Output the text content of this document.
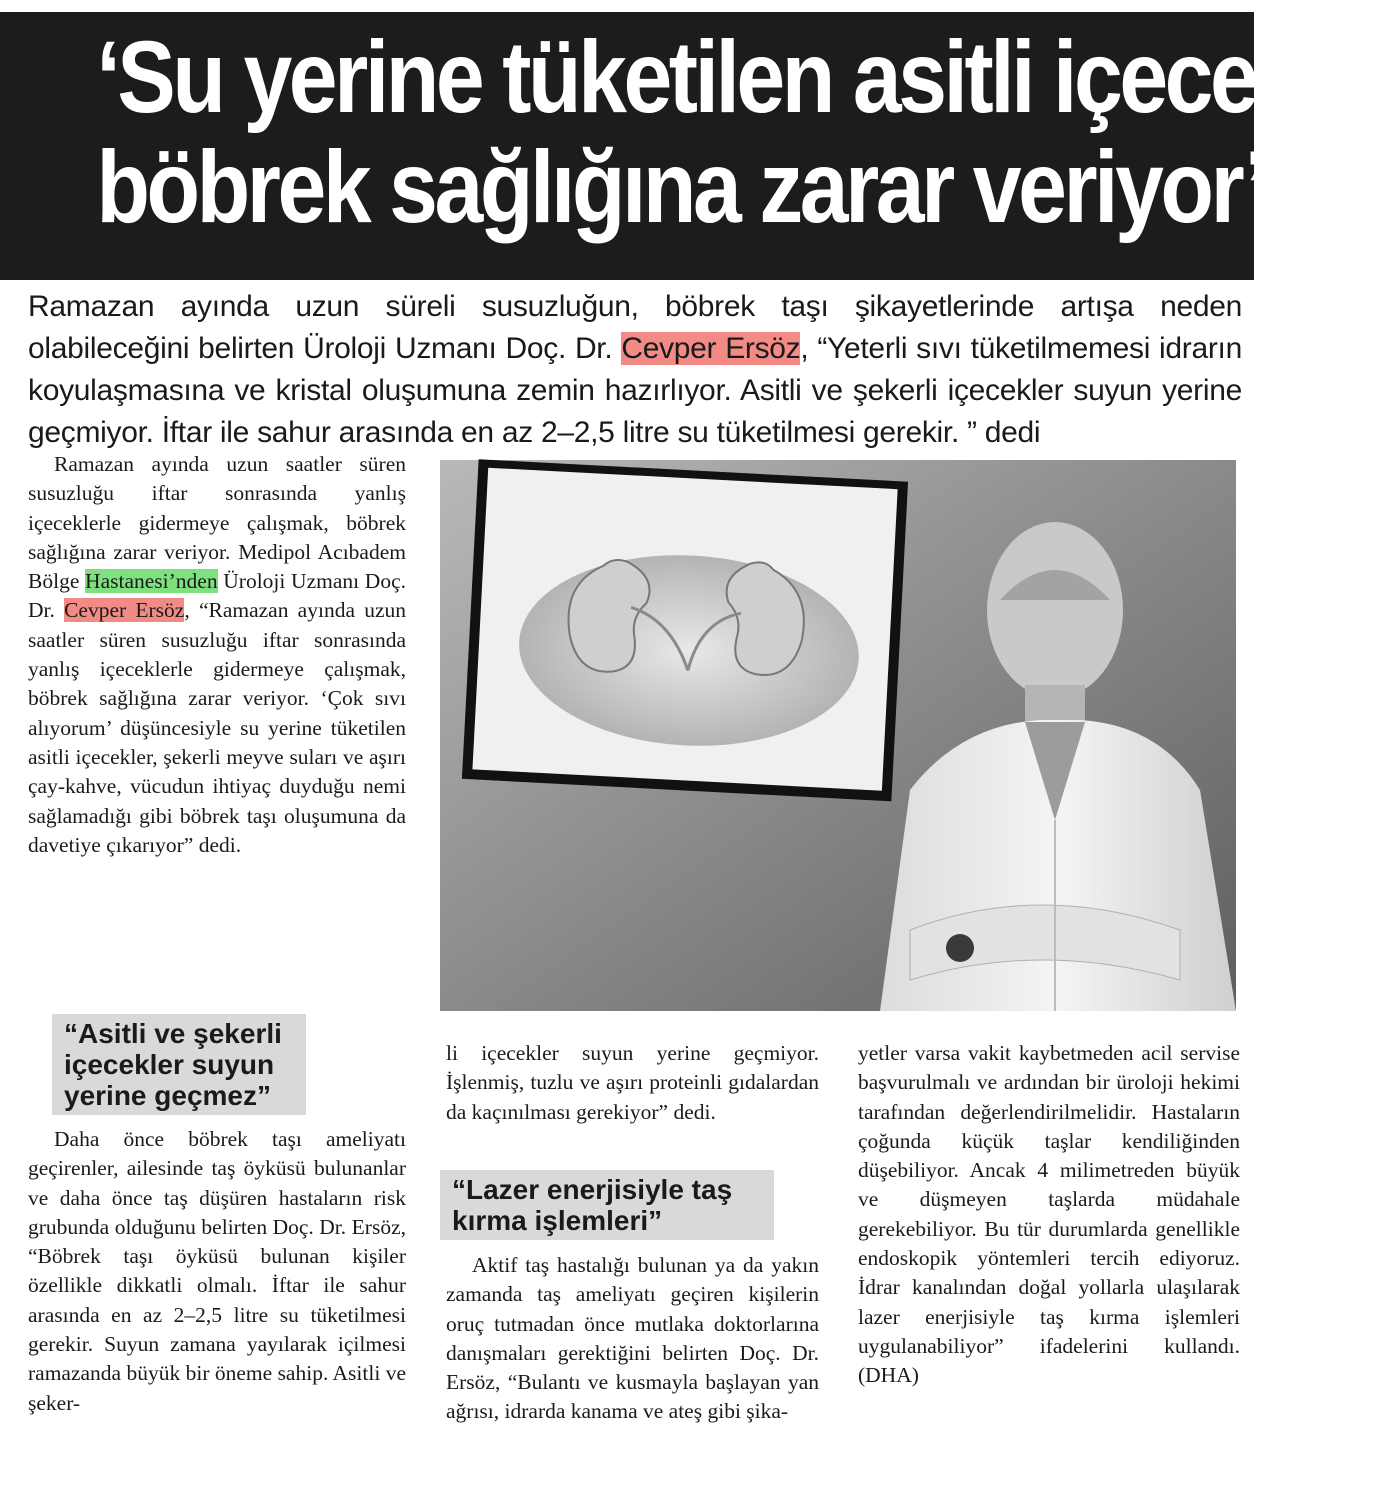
‘Su yerine tüketilen asitli içecekler
böbrek sağlığına zarar veriyor’

Ramazan ayında uzun süreli susuzluğun, böbrek taşı şikayetlerinde artışa neden olabileceğini belirten Üroloji Uzmanı Doç. Dr. Cevper Ersöz, “Yeterli sıvı tüketilmemesi idrarın koyulaşmasına ve kristal oluşumuna zemin hazırlıyor. Asitli ve şekerli içecekler suyun yerine geçmiyor. İftar ile sahur arasında en az 2–2,5 litre su tüketilmesi gerekir. ” dedi

Ramazan ayında uzun saatler süren susuzluğu iftar sonrasında yanlış içeceklerle gidermeye çalışmak, böbrek sağlığına zarar veriyor. Medipol Acıbadem Bölge Hastanesi’nden Üroloji Uzmanı Doç. Dr. Cevper Ersöz, “Ramazan ayında uzun saatler süren susuzluğu iftar sonrasında yanlış içeceklerle gidermeye çalışmak, böbrek sağlığına zarar veriyor. ‘Çok sıvı alıyorum’ düşüncesiyle su yerine tüketilen asitli içecekler, şekerli meyve suları ve aşırı çay-kahve, vücudun ihtiyaç duyduğu nemi sağlamadığı gibi böbrek taşı oluşumuna da davetiye çıkarıyor” dedi.

“Asitli ve şekerli içecekler suyun yerine geçmez”

Daha önce böbrek taşı ameliyatı geçirenler, ailesinde taş öyküsü bulunanlar ve daha önce taş düşüren hastaların risk grubunda olduğunu belirten Doç. Dr. Ersöz, “Böbrek taşı öyküsü bulunan kişiler özellikle dikkatli olmalı. İftar ile sahur arasında en az 2–2,5 litre su tüketilmesi gerekir. Suyun zamana yayılarak içilmesi ramazanda büyük bir öneme sahip. Asitli ve şeker-

li içecekler suyun yerine geçmiyor. İşlenmiş, tuzlu ve aşırı proteinli gıdalardan da kaçınılması gerekiyor” dedi.

“Lazer enerjisiyle taş kırma işlemleri”

Aktif taş hastalığı bulunan ya da yakın zamanda taş ameliyatı geçiren kişilerin oruç tutmadan önce mutlaka doktorlarına danışmaları gerektiğini belirten Doç. Dr. Ersöz, “Bulantı ve kusmayla başlayan yan ağrısı, idrarda kanama ve ateş gibi şika-

yetler varsa vakit kaybetmeden acil servise başvurulmalı ve ardından bir üroloji hekimi tarafından değerlendirilmelidir. Hastaların çoğunda küçük taşlar kendiliğinden düşebiliyor. Ancak 4 milimetreden büyük ve düşmeyen taşlarda müdahale gerekebiliyor. Bu tür durumlarda genellikle endoskopik yöntemleri tercih ediyoruz. İdrar kanalından doğal yollarla ulaşılarak lazer enerjisiyle taş kırma işlemleri uygulanabiliyor” ifadelerini kullandı. (DHA)
